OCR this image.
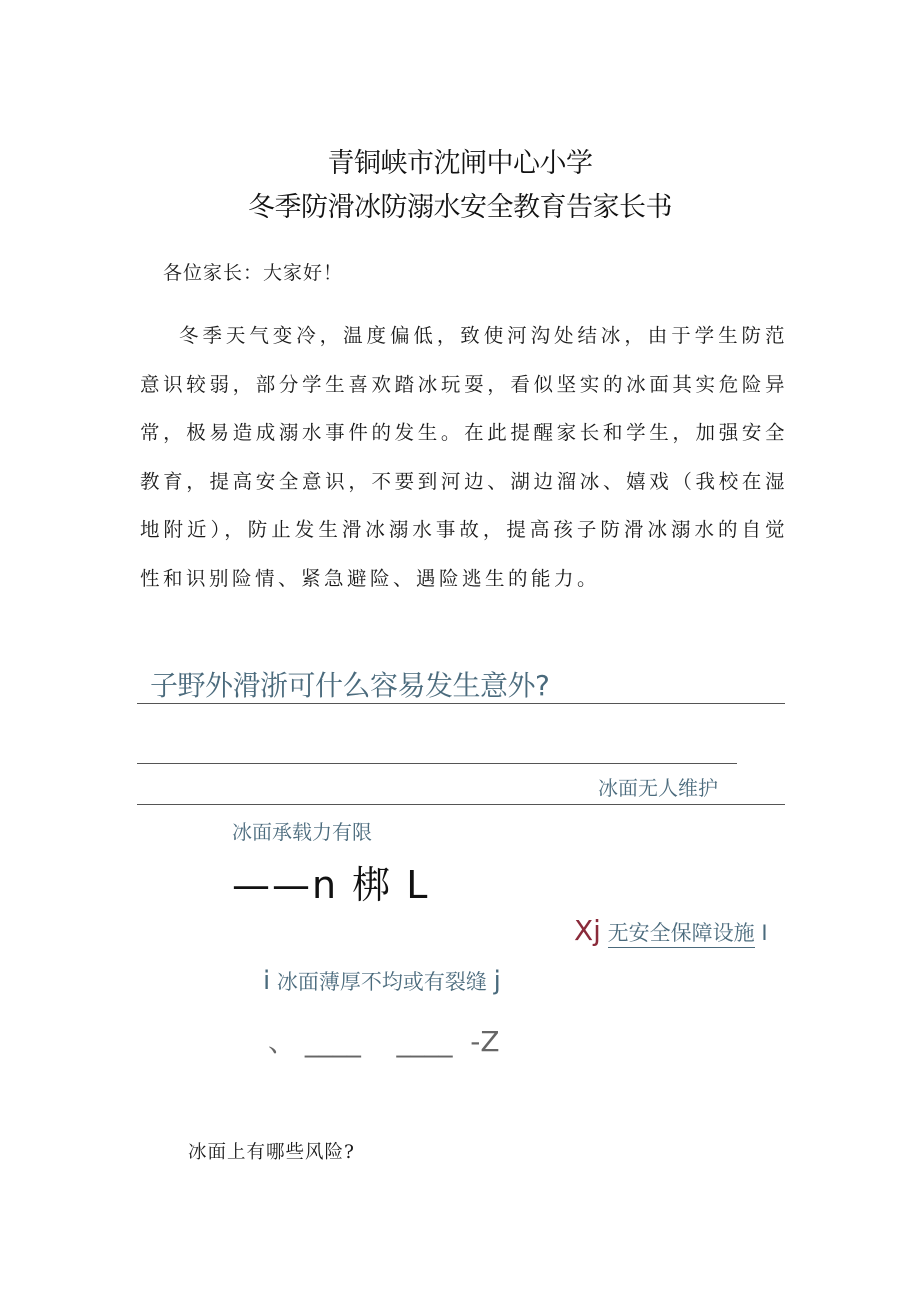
青铜峡市沈闸中心小学
冬季防滑冰防溺水安全教育告家长书
各位家长：大家好！
冬季天气变冷，温度偏低，致使河沟处结冰，由于学生防范意识较弱，部分学生喜欢踏冰玩耍，看似坚实的冰面其实危险异常，极易造成溺水事件的发生。在此提醒家长和学生，加强安全教育，提高安全意识，不要到河边、湖边溜冰、嬉戏（我校在湿地附近），防止发生滑冰溺水事故，提高孩子防滑冰溺水的自觉性和识别险情、紧急避险、遇险逃生的能力。
子野外滑浙可什么容易发生意外?
冰面无人维护
冰面承载力有限
——n 梆 L
Xj 无安全保障设施 I
i 冰面薄厚不均或有裂缝 j
、 ____    ____  -Z
冰面上有哪些风险?
